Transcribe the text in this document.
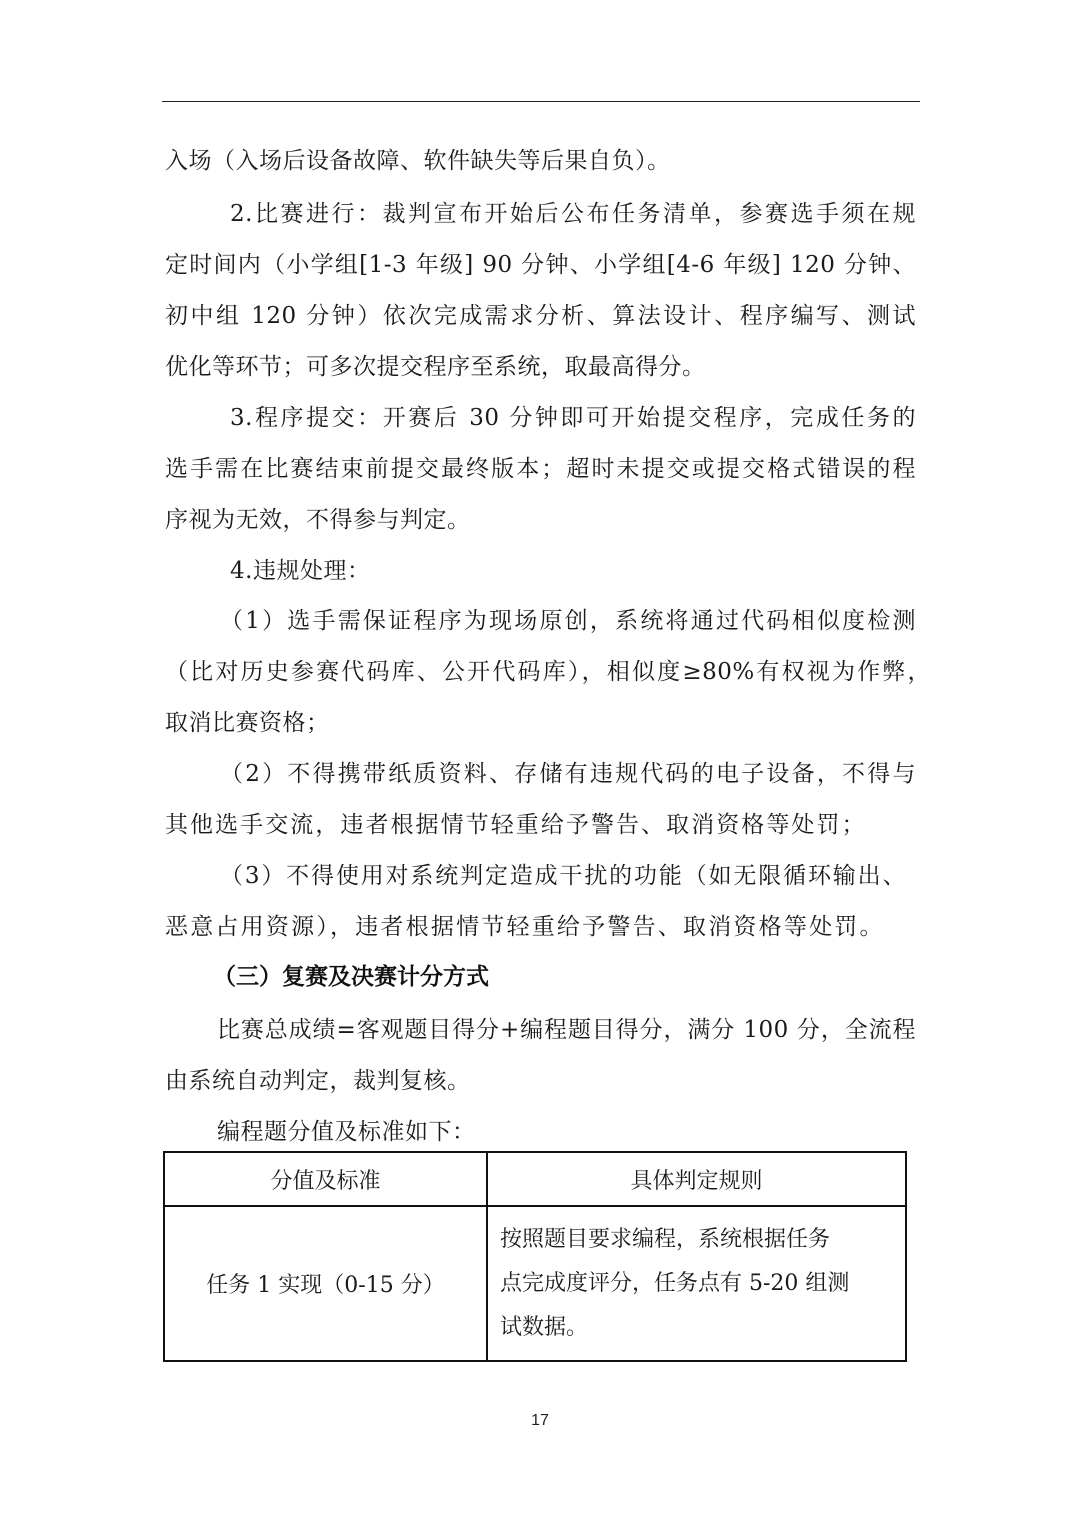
入场（入场后设备故障、软件缺失等后果自负）。
2.比赛进行：裁判宣布开始后公布任务清单，参赛选手须在规
定时间内（小学组[1-3 年级] 90 分钟、小学组[4-6 年级] 120 分钟、
初中组 120 分钟）依次完成需求分析、算法设计、程序编写、测试
优化等环节；可多次提交程序至系统，取最高得分。
3.程序提交：开赛后 30 分钟即可开始提交程序，完成任务的
选手需在比赛结束前提交最终版本；超时未提交或提交格式错误的程
序视为无效，不得参与判定。
4.违规处理：
（1）选手需保证程序为现场原创，系统将通过代码相似度检测
（比对历史参赛代码库、公开代码库），相似度≥80%有权视为作弊，
取消比赛资格；
（2）不得携带纸质资料、存储有违规代码的电子设备，不得与
其他选手交流，违者根据情节轻重给予警告、取消资格等处罚；
（3）不得使用对系统判定造成干扰的功能（如无限循环输出、
恶意占用资源），违者根据情节轻重给予警告、取消资格等处罚。
（三）复赛及决赛计分方式
比赛总成绩=客观题目得分+编程题目得分，满分 100 分，全流程
由系统自动判定，裁判复核。
编程题分值及标准如下：
分值及标准	具体判定规则
任务 1 实现（0-15 分）	按照题目要求编程，系统根据任务
点完成度评分，任务点有 5-20 组测
试数据。
17
